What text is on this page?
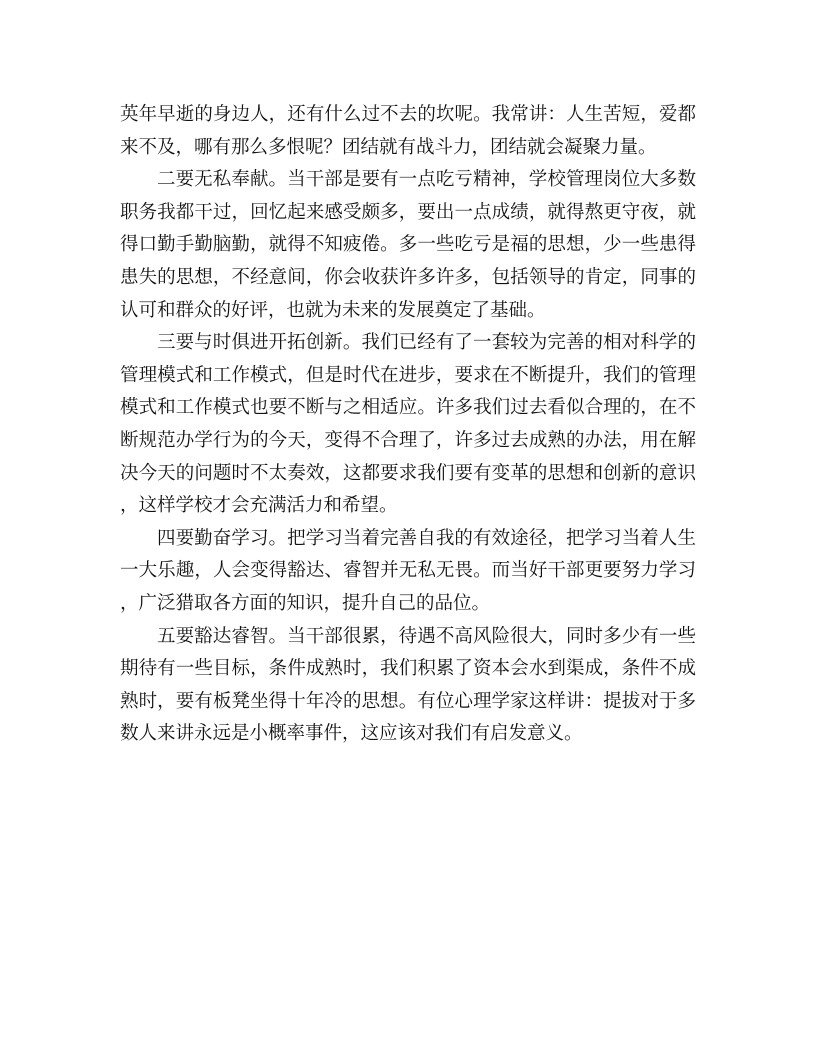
英年早逝的身边人，还有什么过不去的坎呢。我常讲：人生苦短，爱都来不及，哪有那么多恨呢？团结就有战斗力，团结就会凝聚力量。

二要无私奉献。当干部是要有一点吃亏精神，学校管理岗位大多数职务我都干过，回忆起来感受颇多，要出一点成绩，就得熬更守夜，就得口勤手勤脑勤，就得不知疲倦。多一些吃亏是福的思想，少一些患得患失的思想，不经意间，你会收获许多许多，包括领导的肯定，同事的认可和群众的好评，也就为未来的发展奠定了基础。

三要与时俱进开拓创新。我们已经有了一套较为完善的相对科学的管理模式和工作模式，但是时代在进步，要求在不断提升，我们的管理模式和工作模式也要不断与之相适应。许多我们过去看似合理的，在不断规范办学行为的今天，变得不合理了，许多过去成熟的办法，用在解决今天的问题时不太奏效，这都要求我们要有变革的思想和创新的意识，这样学校才会充满活力和希望。

四要勤奋学习。把学习当着完善自我的有效途径，把学习当着人生一大乐趣，人会变得豁达、睿智并无私无畏。而当好干部更要努力学习，广泛猎取各方面的知识，提升自己的品位。

五要豁达睿智。当干部很累，待遇不高风险很大，同时多少有一些期待有一些目标，条件成熟时，我们积累了资本会水到渠成，条件不成熟时，要有板凳坐得十年冷的思想。有位心理学家这样讲：提拔对于多数人来讲永远是小概率事件，这应该对我们有启发意义。
